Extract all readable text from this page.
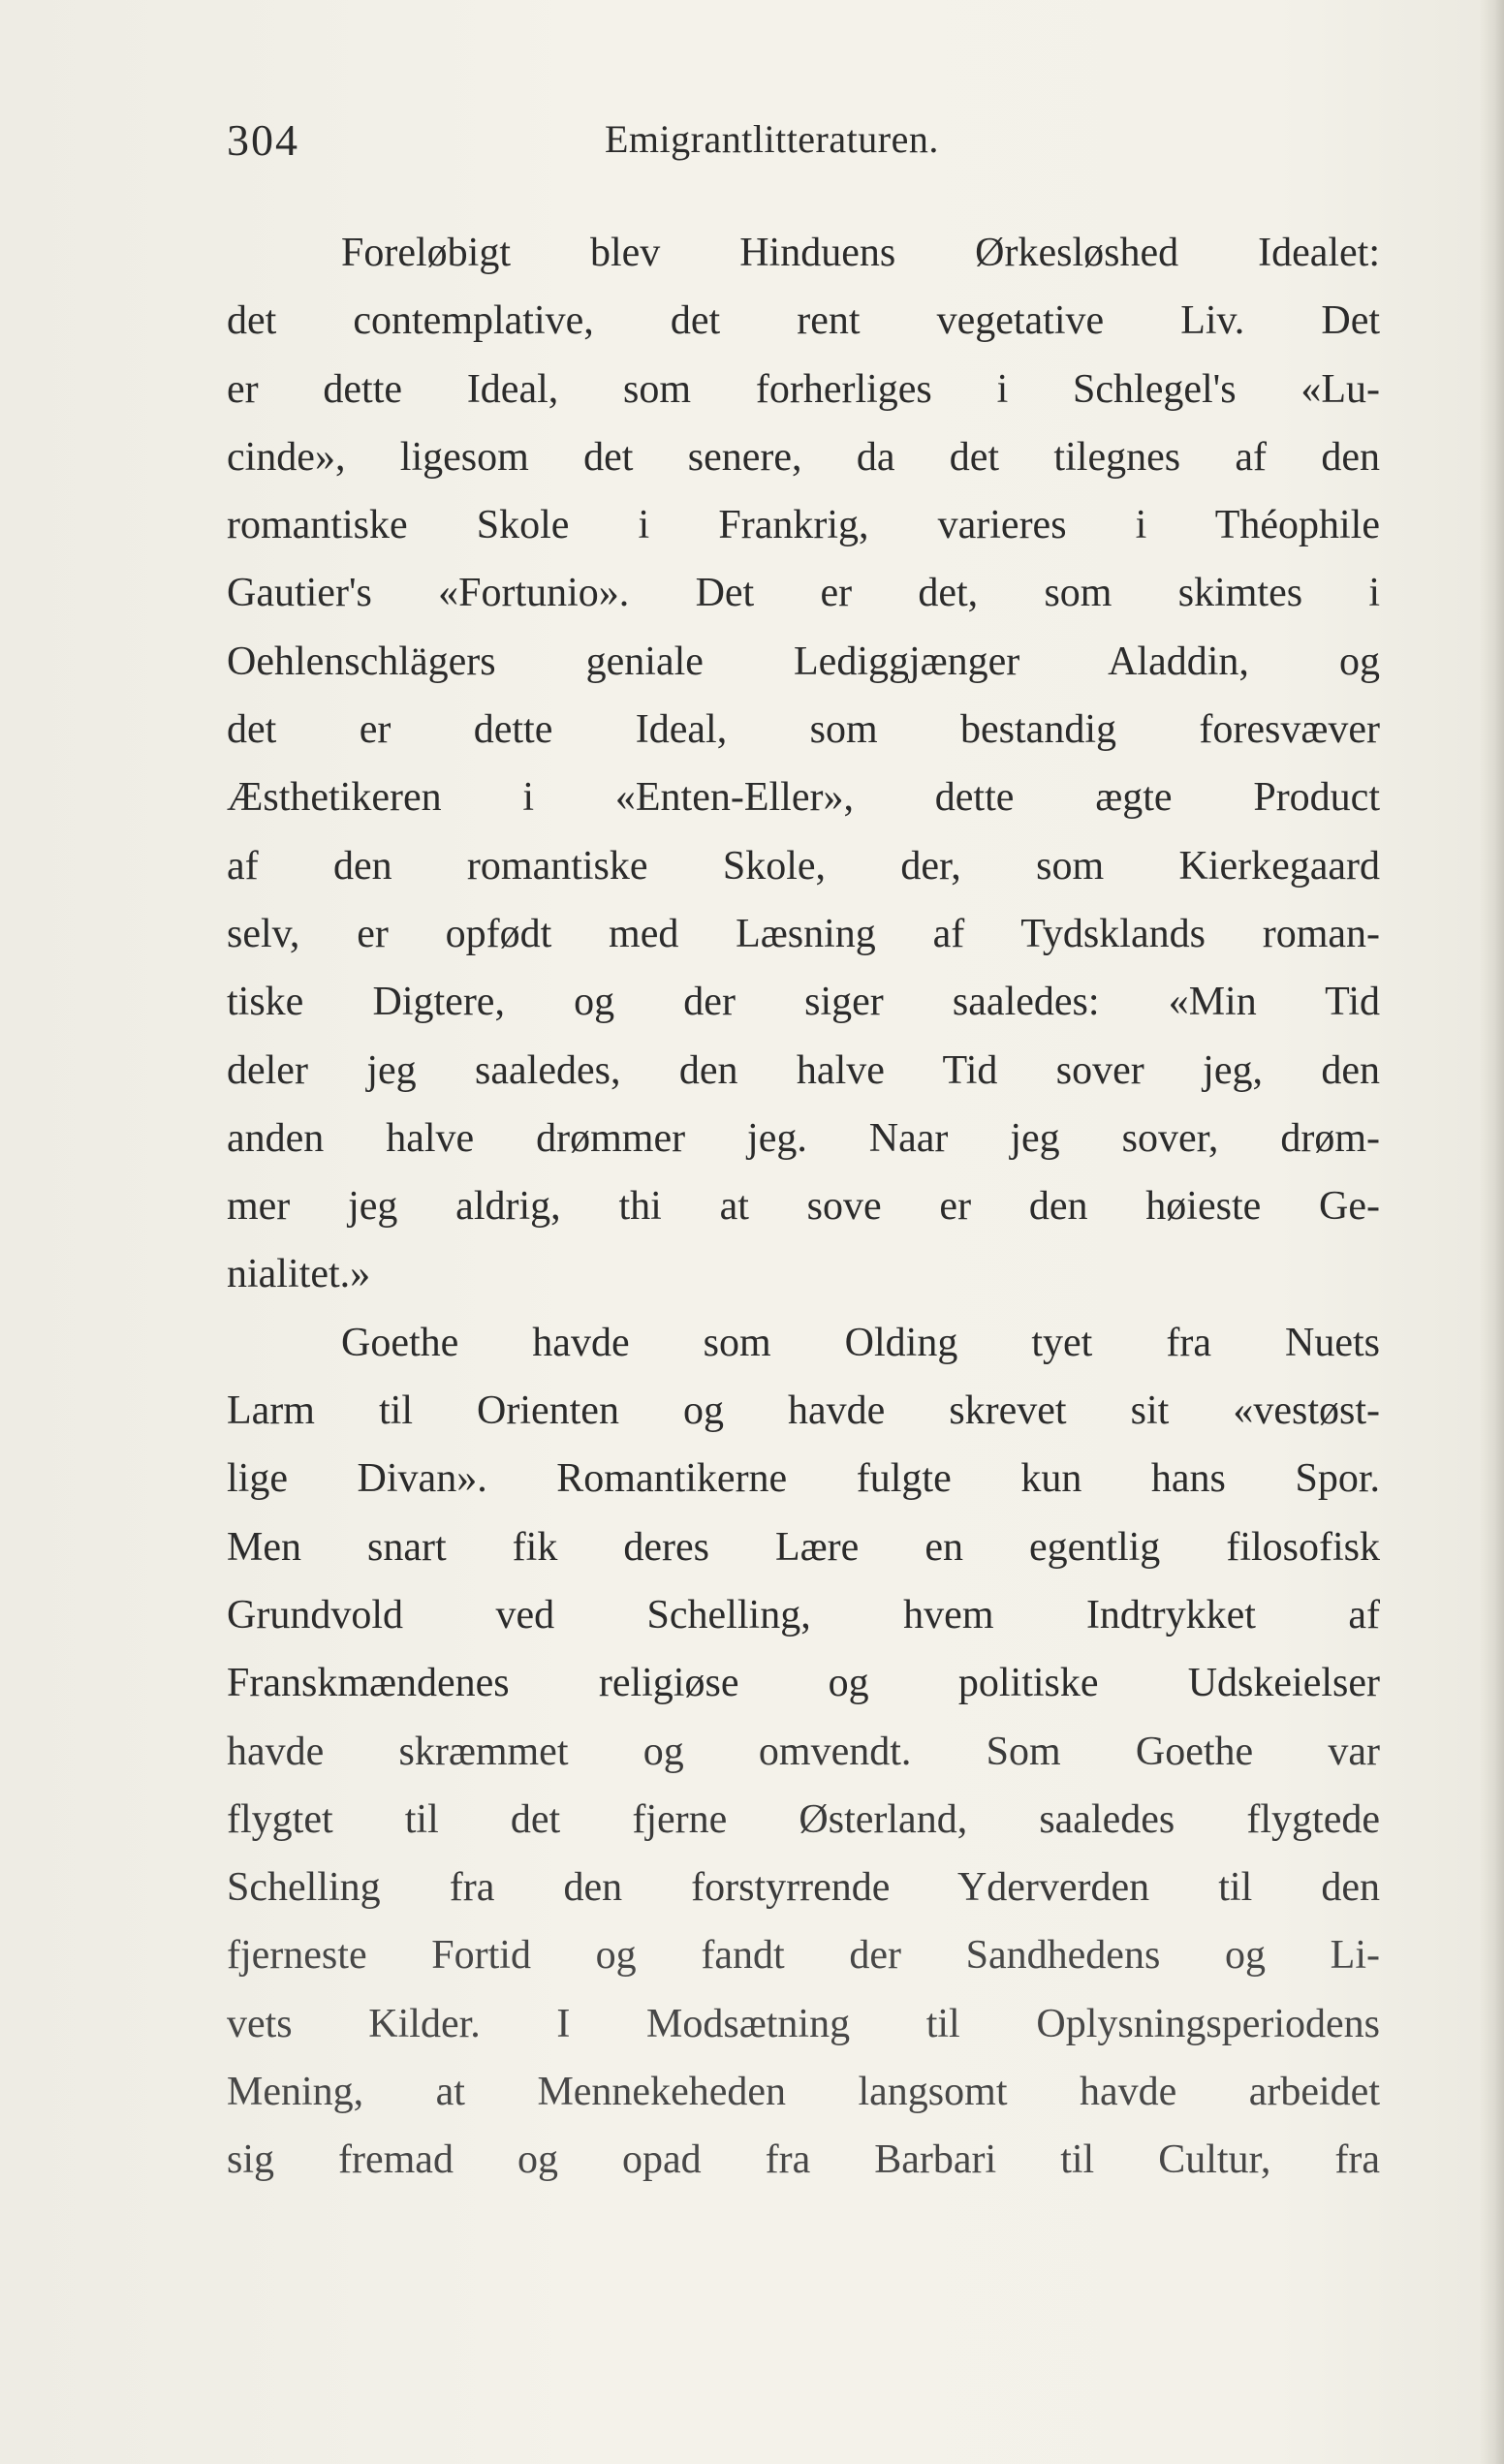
304	Emigrantlitteraturen.
Foreløbigt blev Hinduens Ørkesløshed Idealet:
det contemplative, det rent vegetative Liv. Det
er dette Ideal, som forherliges i Schlegel's «Lu-
cinde», ligesom det senere, da det tilegnes af den
romantiske Skole i Frankrig, varieres i Théophile
Gautier's «Fortunio». Det er det, som skimtes i
Oehlenschlägers geniale Lediggjænger Aladdin, og
det er dette Ideal, som bestandig foresvæver
Æsthetikeren i «Enten-Eller», dette ægte Product
af den romantiske Skole, der, som Kierkegaard
selv, er opfødt med Læsning af Tydsklands roman-
tiske Digtere, og der siger saaledes: «Min Tid
deler jeg saaledes, den halve Tid sover jeg, den
anden halve drømmer jeg. Naar jeg sover, drøm-
mer jeg aldrig, thi at sove er den høieste Ge-
nialitet.»
Goethe havde som Olding tyet fra Nuets
Larm til Orienten og havde skrevet sit «vestøst-
lige Divan». Romantikerne fulgte kun hans Spor.
Men snart fik deres Lære en egentlig filosofisk
Grundvold ved Schelling, hvem Indtrykket af
Franskmændenes religiøse og politiske Udskeielser
havde skræmmet og omvendt. Som Goethe var
flygtet til det fjerne Østerland, saaledes flygtede
Schelling fra den forstyrrende Yderverden til den
fjerneste Fortid og fandt der Sandhedens og Li-
vets Kilder. I Modsætning til Oplysningsperiodens
Mening, at Mennekeheden langsomt havde arbeidet
sig fremad og opad fra Barbari til Cultur, fra
